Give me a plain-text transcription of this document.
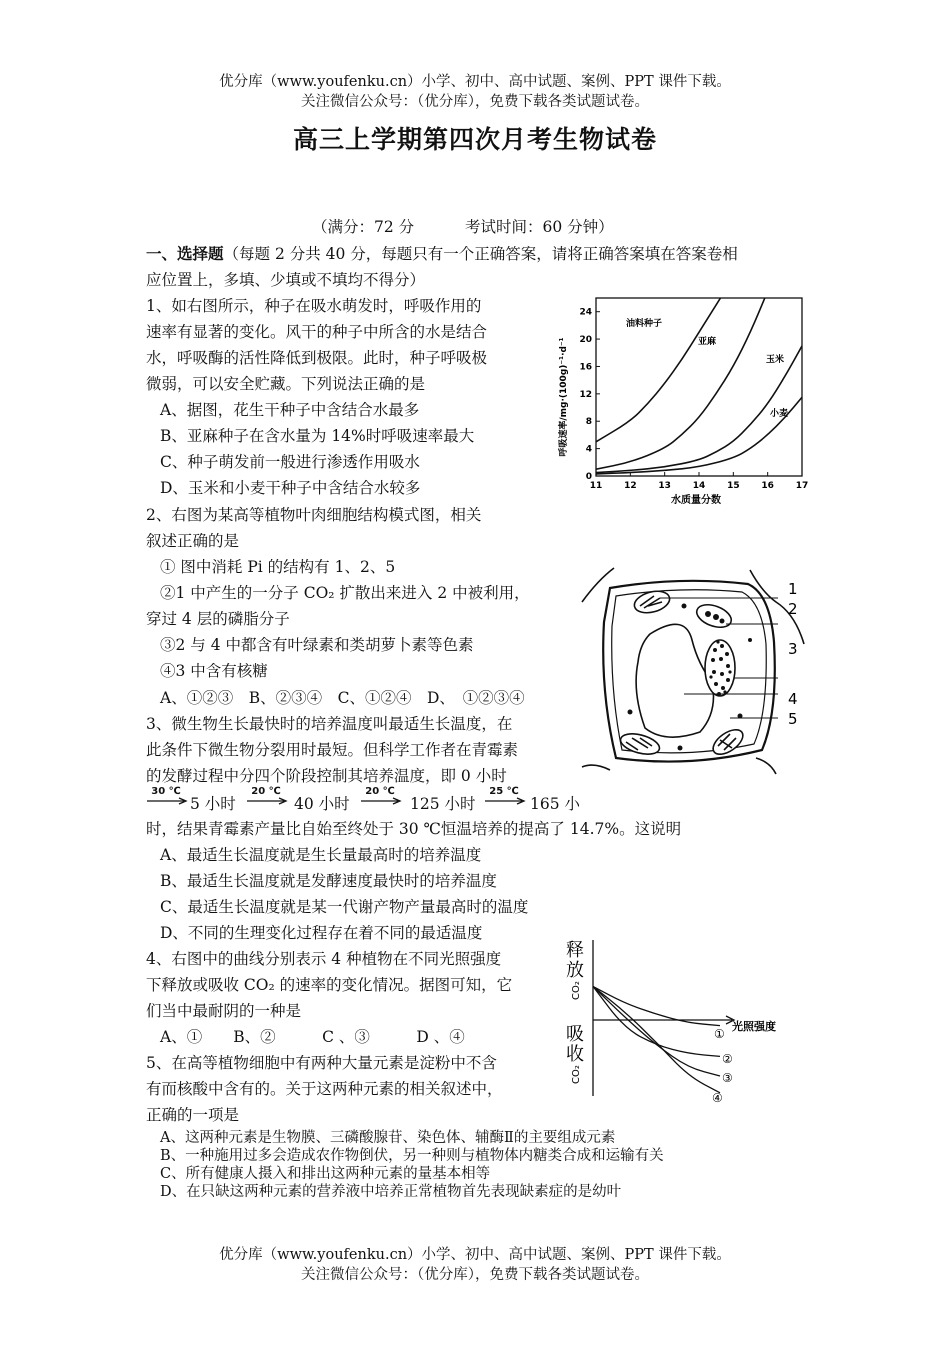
优分库（www.youfenku.cn）小学、初中、高中试题、案例、PPT 课件下载。
关注微信公众号：（优分库），免费下载各类试题试卷。
高三上学期第四次月考生物试卷
（满分：72 分	考试时间：60 分钟）
一、选择题（每题 2 分共 40 分，每题只有一个正确答案，请将正确答案填在答案卷相
应位置上，多填、少填或不填均不得分）
1、如右图所示，种子在吸水萌发时，呼吸作用的
速率有显著的变化。风干的种子中所含的水是结合
水，呼吸酶的活性降低到极限。此时，种子呼吸极
微弱，可以安全贮藏。下列说法正确的是
A、据图，花生干种子中含结合水最多
B、亚麻种子在含水量为 14%时呼吸速率最大
C、种子萌发前一般进行渗透作用吸水
D、玉米和小麦干种子中含结合水较多	11 12 13 14 15 16 17
0
4
8
12
16
20
24
水质量分数
呼吸速率/mg·(100g)⁻¹·d⁻¹
油料种子
亚麻
玉米
小麦
2、右图为某高等植物叶肉细胞结构模式图，相关
叙述正确的是
① 图中消耗 Pi 的结构有 1、2、5
②1 中产生的一分子 CO₂ 扩散出来进入 2 中被利用，
穿过 4 层的磷脂分子
③2 与 4 中都含有叶绿素和类胡萝卜素等色素
④3 中含有核糖
A、①②③　B、②③④　C、①②④　D、　①②③④
1
2
3
4
5
3、微生物生长最快时的培养温度叫最适生长温度，在
此条件下微生物分裂用时最短。但科学工作者在青霉素
的发酵过程中分四个阶段控制其培养温度，即 0 小时
30 ℃
5 小时
20 ℃
40 小时
20 ℃
125 小时
25 ℃
165 小
时，结果青霉素产量比自始至终处于 30 ℃恒温培养的提高了 14.7%。这说明
A、最适生长温度就是生长量最高时的培养温度
B、最适生长温度就是发酵速度最快时的培养温度
C、最适生长温度就是某一代谢产物产量最高时的温度
D、不同的生理变化过程存在着不同的最适温度
4、右图中的曲线分别表示 4 种植物在不同光照强度
下释放或吸收 CO₂ 的速率的变化情况。据图可知，它
们当中最耐阴的一种是
A、①　　B、②　　　C 、③　　　D 、④
释
放
CO₂
吸
收
CO₂
光照强度
①
②
③
④
5、在高等植物细胞中有两种大量元素是淀粉中不含
有而核酸中含有的。关于这两种元素的相关叙述中，
正确的一项是
A、这两种元素是生物膜、三磷酸腺苷、染色体、辅酶Ⅱ的主要组成元素
B、一种施用过多会造成农作物倒伏，另一种则与植物体内糖类合成和运输有关
C、所有健康人摄入和排出这两种元素的量基本相等
D、在只缺这两种元素的营养液中培养正常植物首先表现缺素症的是幼叶
优分库（www.youfenku.cn）小学、初中、高中试题、案例、PPT 课件下载。
关注微信公众号：（优分库），免费下载各类试题试卷。
